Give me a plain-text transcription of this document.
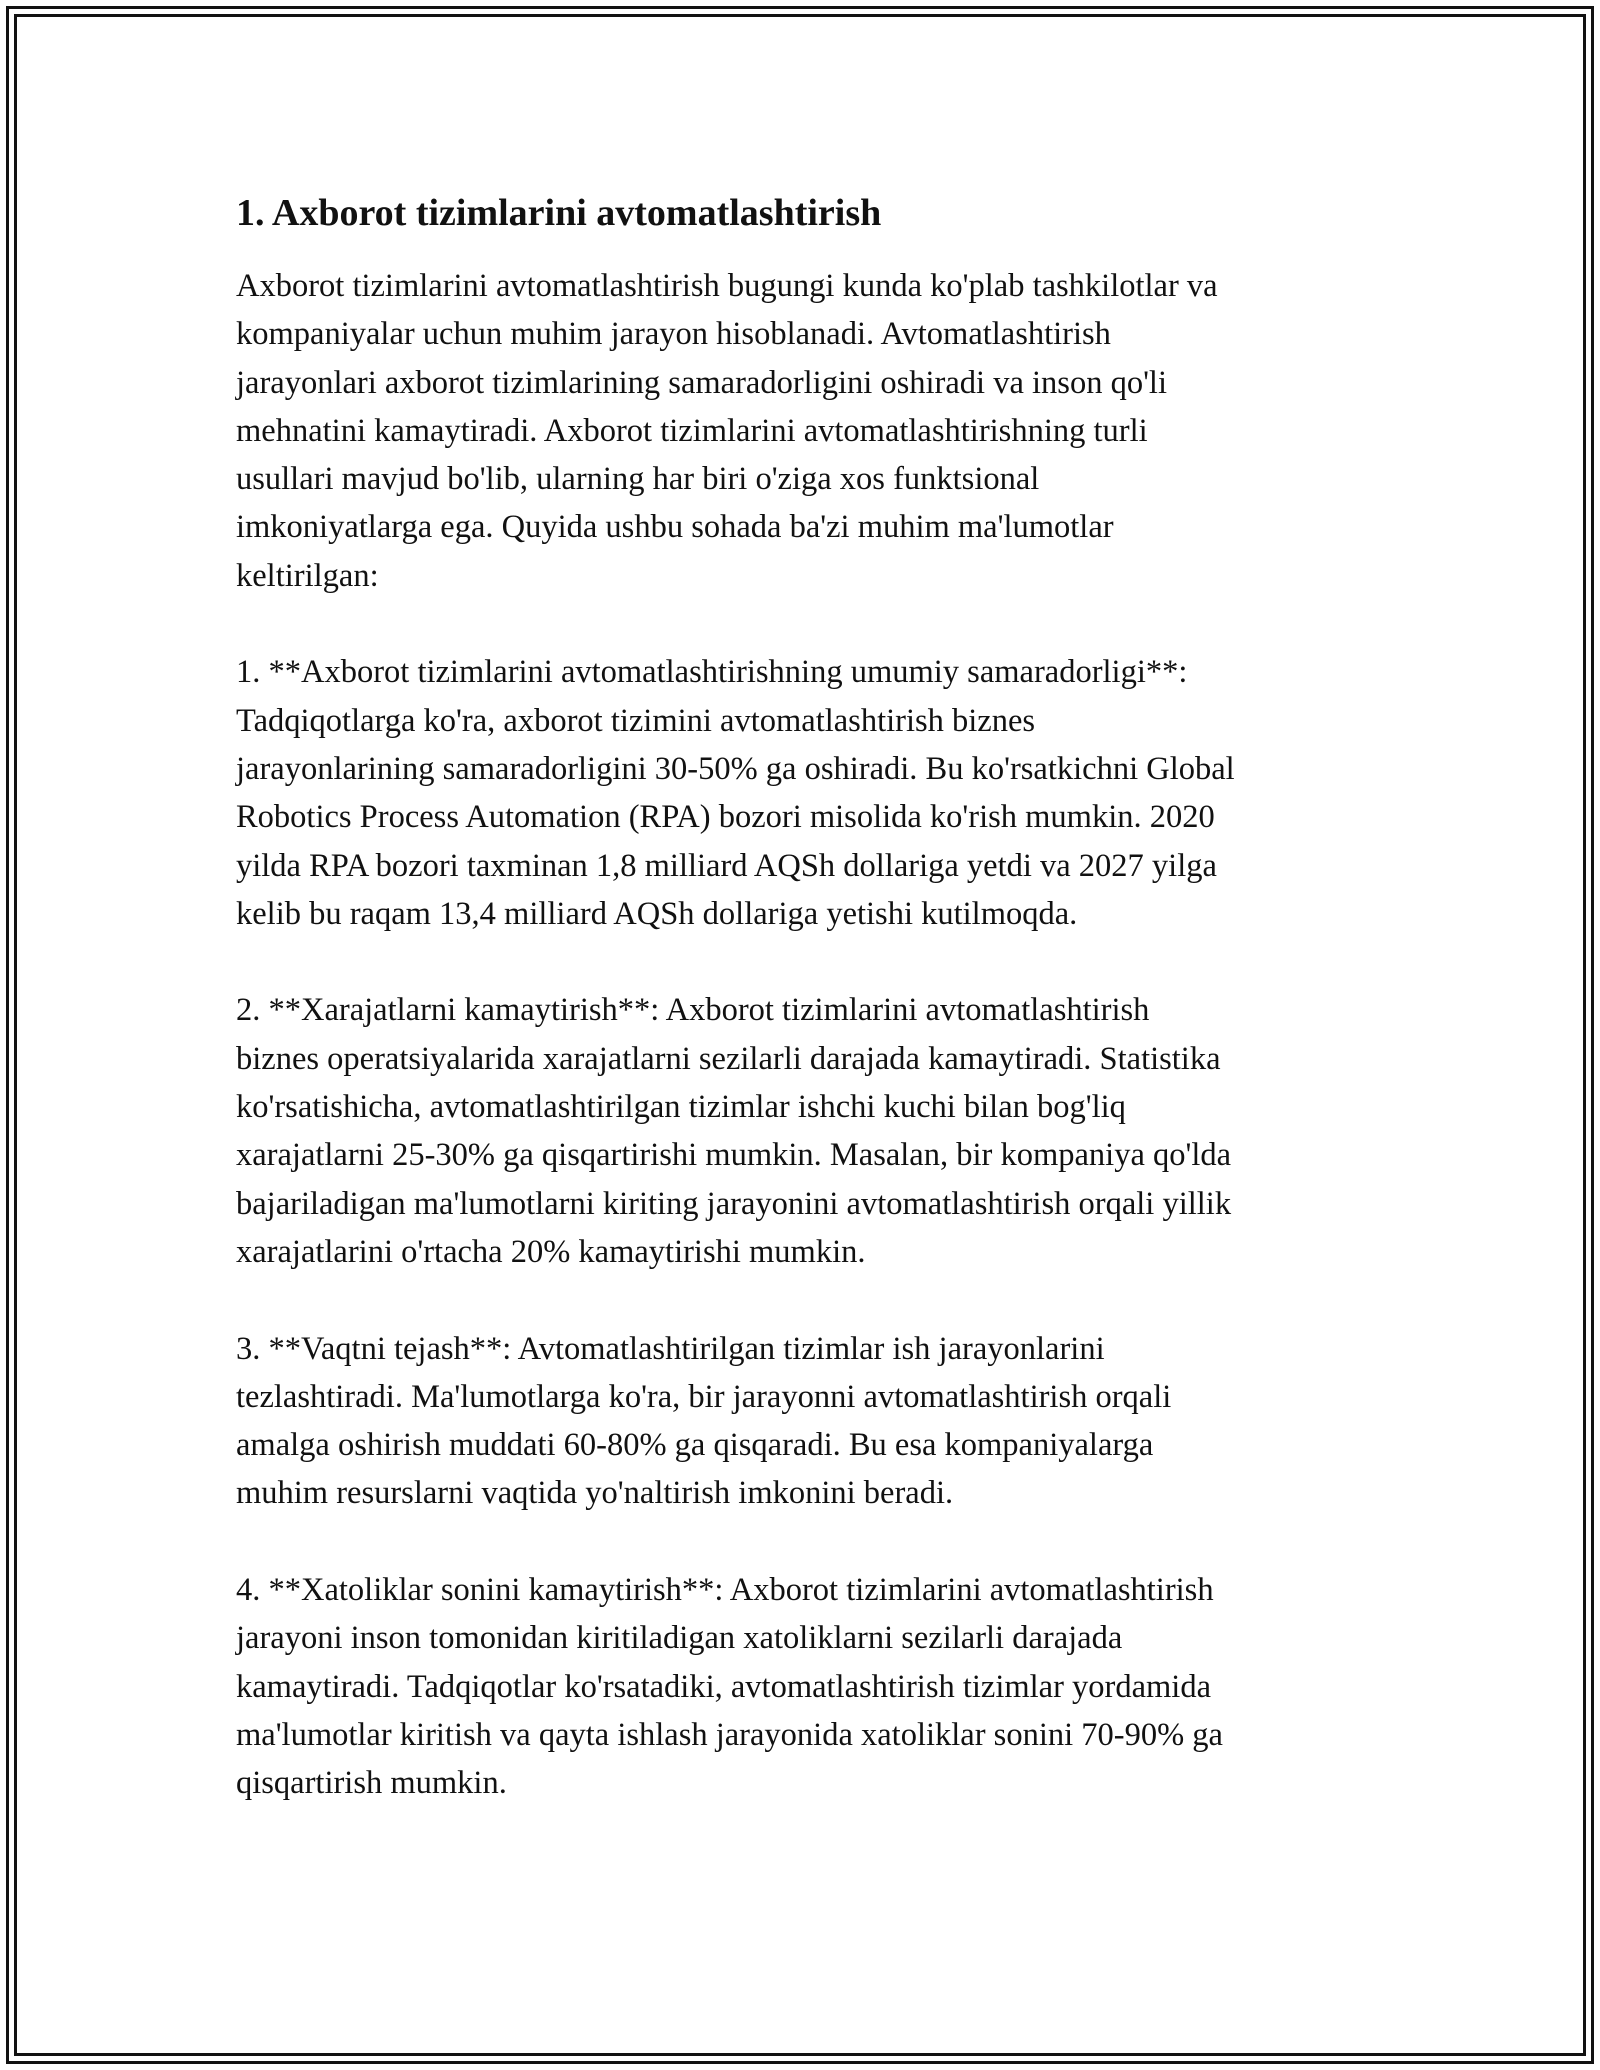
1. Axborot tizimlarini avtomatlashtirish

Axborot tizimlarini avtomatlashtirish bugungi kunda ko'plab tashkilotlar va
kompaniyalar uchun muhim jarayon hisoblanadi. Avtomatlashtirish
jarayonlari axborot tizimlarining samaradorligini oshiradi va inson qo'li
mehnatini kamaytiradi. Axborot tizimlarini avtomatlashtirishning turli
usullari mavjud bo'lib, ularning har biri o'ziga xos funktsional
imkoniyatlarga ega. Quyida ushbu sohada ba'zi muhim ma'lumotlar
keltirilgan:

1. **Axborot tizimlarini avtomatlashtirishning umumiy samaradorligi**:
Tadqiqotlarga ko'ra, axborot tizimini avtomatlashtirish biznes
jarayonlarining samaradorligini 30-50% ga oshiradi. Bu ko'rsatkichni Global
Robotics Process Automation (RPA) bozori misolida ko'rish mumkin. 2020
yilda RPA bozori taxminan 1,8 milliard AQSh dollariga yetdi va 2027 yilga
kelib bu raqam 13,4 milliard AQSh dollariga yetishi kutilmoqda.

2. **Xarajatlarni kamaytirish**: Axborot tizimlarini avtomatlashtirish
biznes operatsiyalarida xarajatlarni sezilarli darajada kamaytiradi. Statistika
ko'rsatishicha, avtomatlashtirilgan tizimlar ishchi kuchi bilan bog'liq
xarajatlarni 25-30% ga qisqartirishi mumkin. Masalan, bir kompaniya qo'lda
bajariladigan ma'lumotlarni kiriting jarayonini avtomatlashtirish orqali yillik
xarajatlarini o'rtacha 20% kamaytirishi mumkin.

3. **Vaqtni tejash**: Avtomatlashtirilgan tizimlar ish jarayonlarini
tezlashtiradi. Ma'lumotlarga ko'ra, bir jarayonni avtomatlashtirish orqali
amalga oshirish muddati 60-80% ga qisqaradi. Bu esa kompaniyalarga
muhim resurslarni vaqtida yo'naltirish imkonini beradi.

4. **Xatoliklar sonini kamaytirish**: Axborot tizimlarini avtomatlashtirish
jarayoni inson tomonidan kiritiladigan xatoliklarni sezilarli darajada
kamaytiradi. Tadqiqotlar ko'rsatadiki, avtomatlashtirish tizimlar yordamida
ma'lumotlar kiritish va qayta ishlash jarayonida xatoliklar sonini 70-90% ga
qisqartirish mumkin.
